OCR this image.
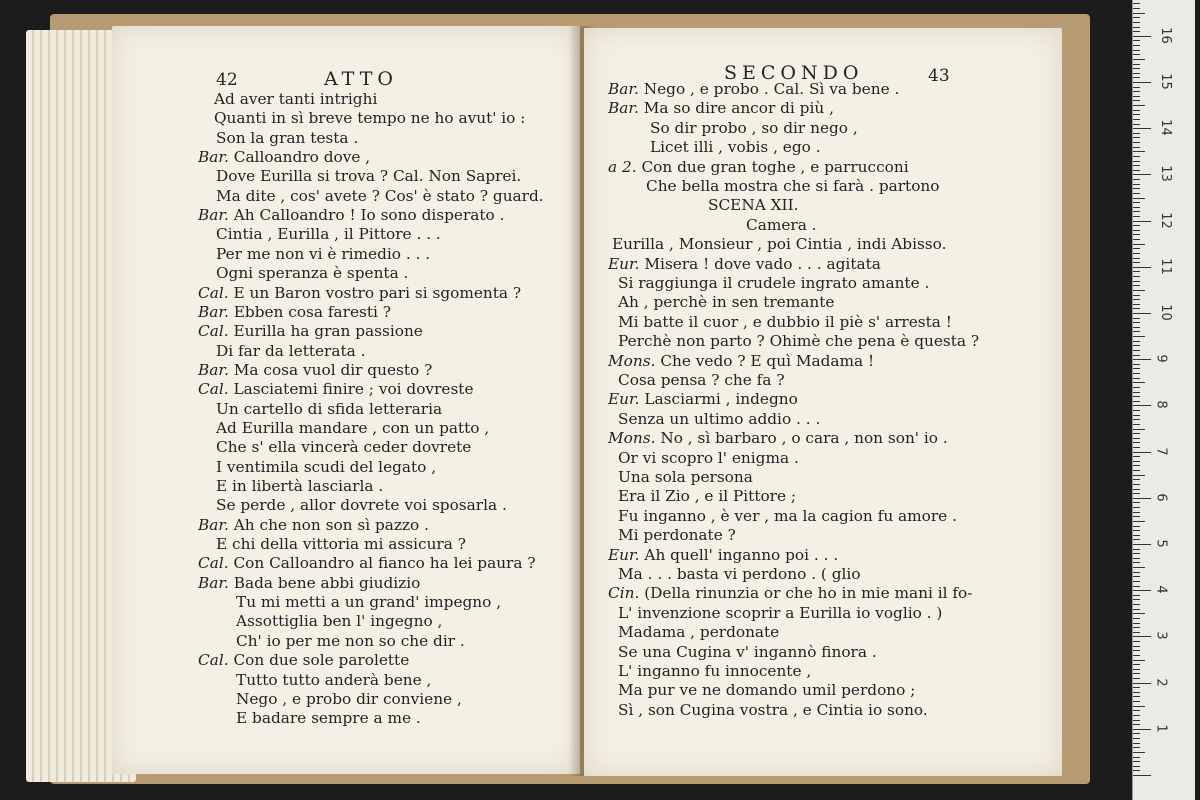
42	ATTO
Ad aver tanti intrighi
Quanti in sì breve tempo ne ho avut' io :
Son la gran testa .
Bar. Calloandro dove ,
Dove Eurilla si trova ? Cal. Non Saprei.
Ma dite , cos' avete ? Cos' è stato ? guard.
Bar. Ah Calloandro ! Io sono disperato .
Cintia , Eurilla , il Pittore . . .
Per me non vi è rimedio . . .
Ogni speranza è spenta .
Cal. E un Baron vostro pari si sgomenta ?
Bar. Ebben cosa faresti ?
Cal. Eurilla ha gran passione
Di far da letterata .
Bar. Ma cosa vuol dir questo ?
Cal. Lasciatemi finire ; voi dovreste
Un cartello di sfida letteraria
Ad Eurilla mandare , con un patto ,
Che s' ella vincerà ceder dovrete
I ventimila scudi del legato ,
E in libertà lasciarla .
Se perde , allor dovrete voi sposarla .
Bar. Ah che non son sì pazzo .
E chi della vittoria mi assicura ?
Cal. Con Calloandro al fianco ha lei paura ?
Bar. Bada bene abbi giudizio
Tu mi metti a un grand' impegno ,
Assottiglia ben l' ingegno ,
Ch' io per me non so che dir .
Cal. Con due sole parolette
Tutto tutto anderà bene ,
Nego , e probo dir conviene ,
E badare sempre a me .
SECONDO	43
Bar. Nego , e probo . Cal. Sì va bene .
Bar. Ma so dire ancor di più ,
So dir probo , so dir nego ,
Licet illi , vobis , ego .
a 2. Con due gran toghe , e parrucconi
Che bella mostra che si farà . partono
SCENA XII.
Camera .
Eurilla , Monsieur , poi Cintia , indi Abisso.
Eur. Misera ! dove vado . . . agitata
Si raggiunga il crudele ingrato amante .
Ah , perchè in sen tremante
Mi batte il cuor , e dubbio il piè s' arresta !
Perchè non parto ? Ohimè che pena è questa ?
Mons. Che vedo ? E quì Madama !
Cosa pensa ? che fa ?
Eur. Lasciarmi , indegno
Senza un ultimo addio . . .
Mons. No , sì barbaro , o cara , non son' io .
Or vi scopro l' enigma .
Una sola persona
Era il Zio , e il Pittore ;
Fu inganno , è ver , ma la cagion fu amore .
Mi perdonate ?
Eur. Ah quell' inganno poi . . .
Ma . . . basta vi perdono . ( glio
Cin. (Della rinunzia or che ho in mie mani il fo-
L' invenzione scoprir a Eurilla io voglio . )
Madama , perdonate
Se una Cugina v' ingannò finora .
L' inganno fu innocente ,
Ma pur ve ne domando umil perdono ;
Sì , son Cugina vostra , e Cintia io sono.
1
2
3
4
5
6
7
8
9
10
11
12
13
14
15
16
